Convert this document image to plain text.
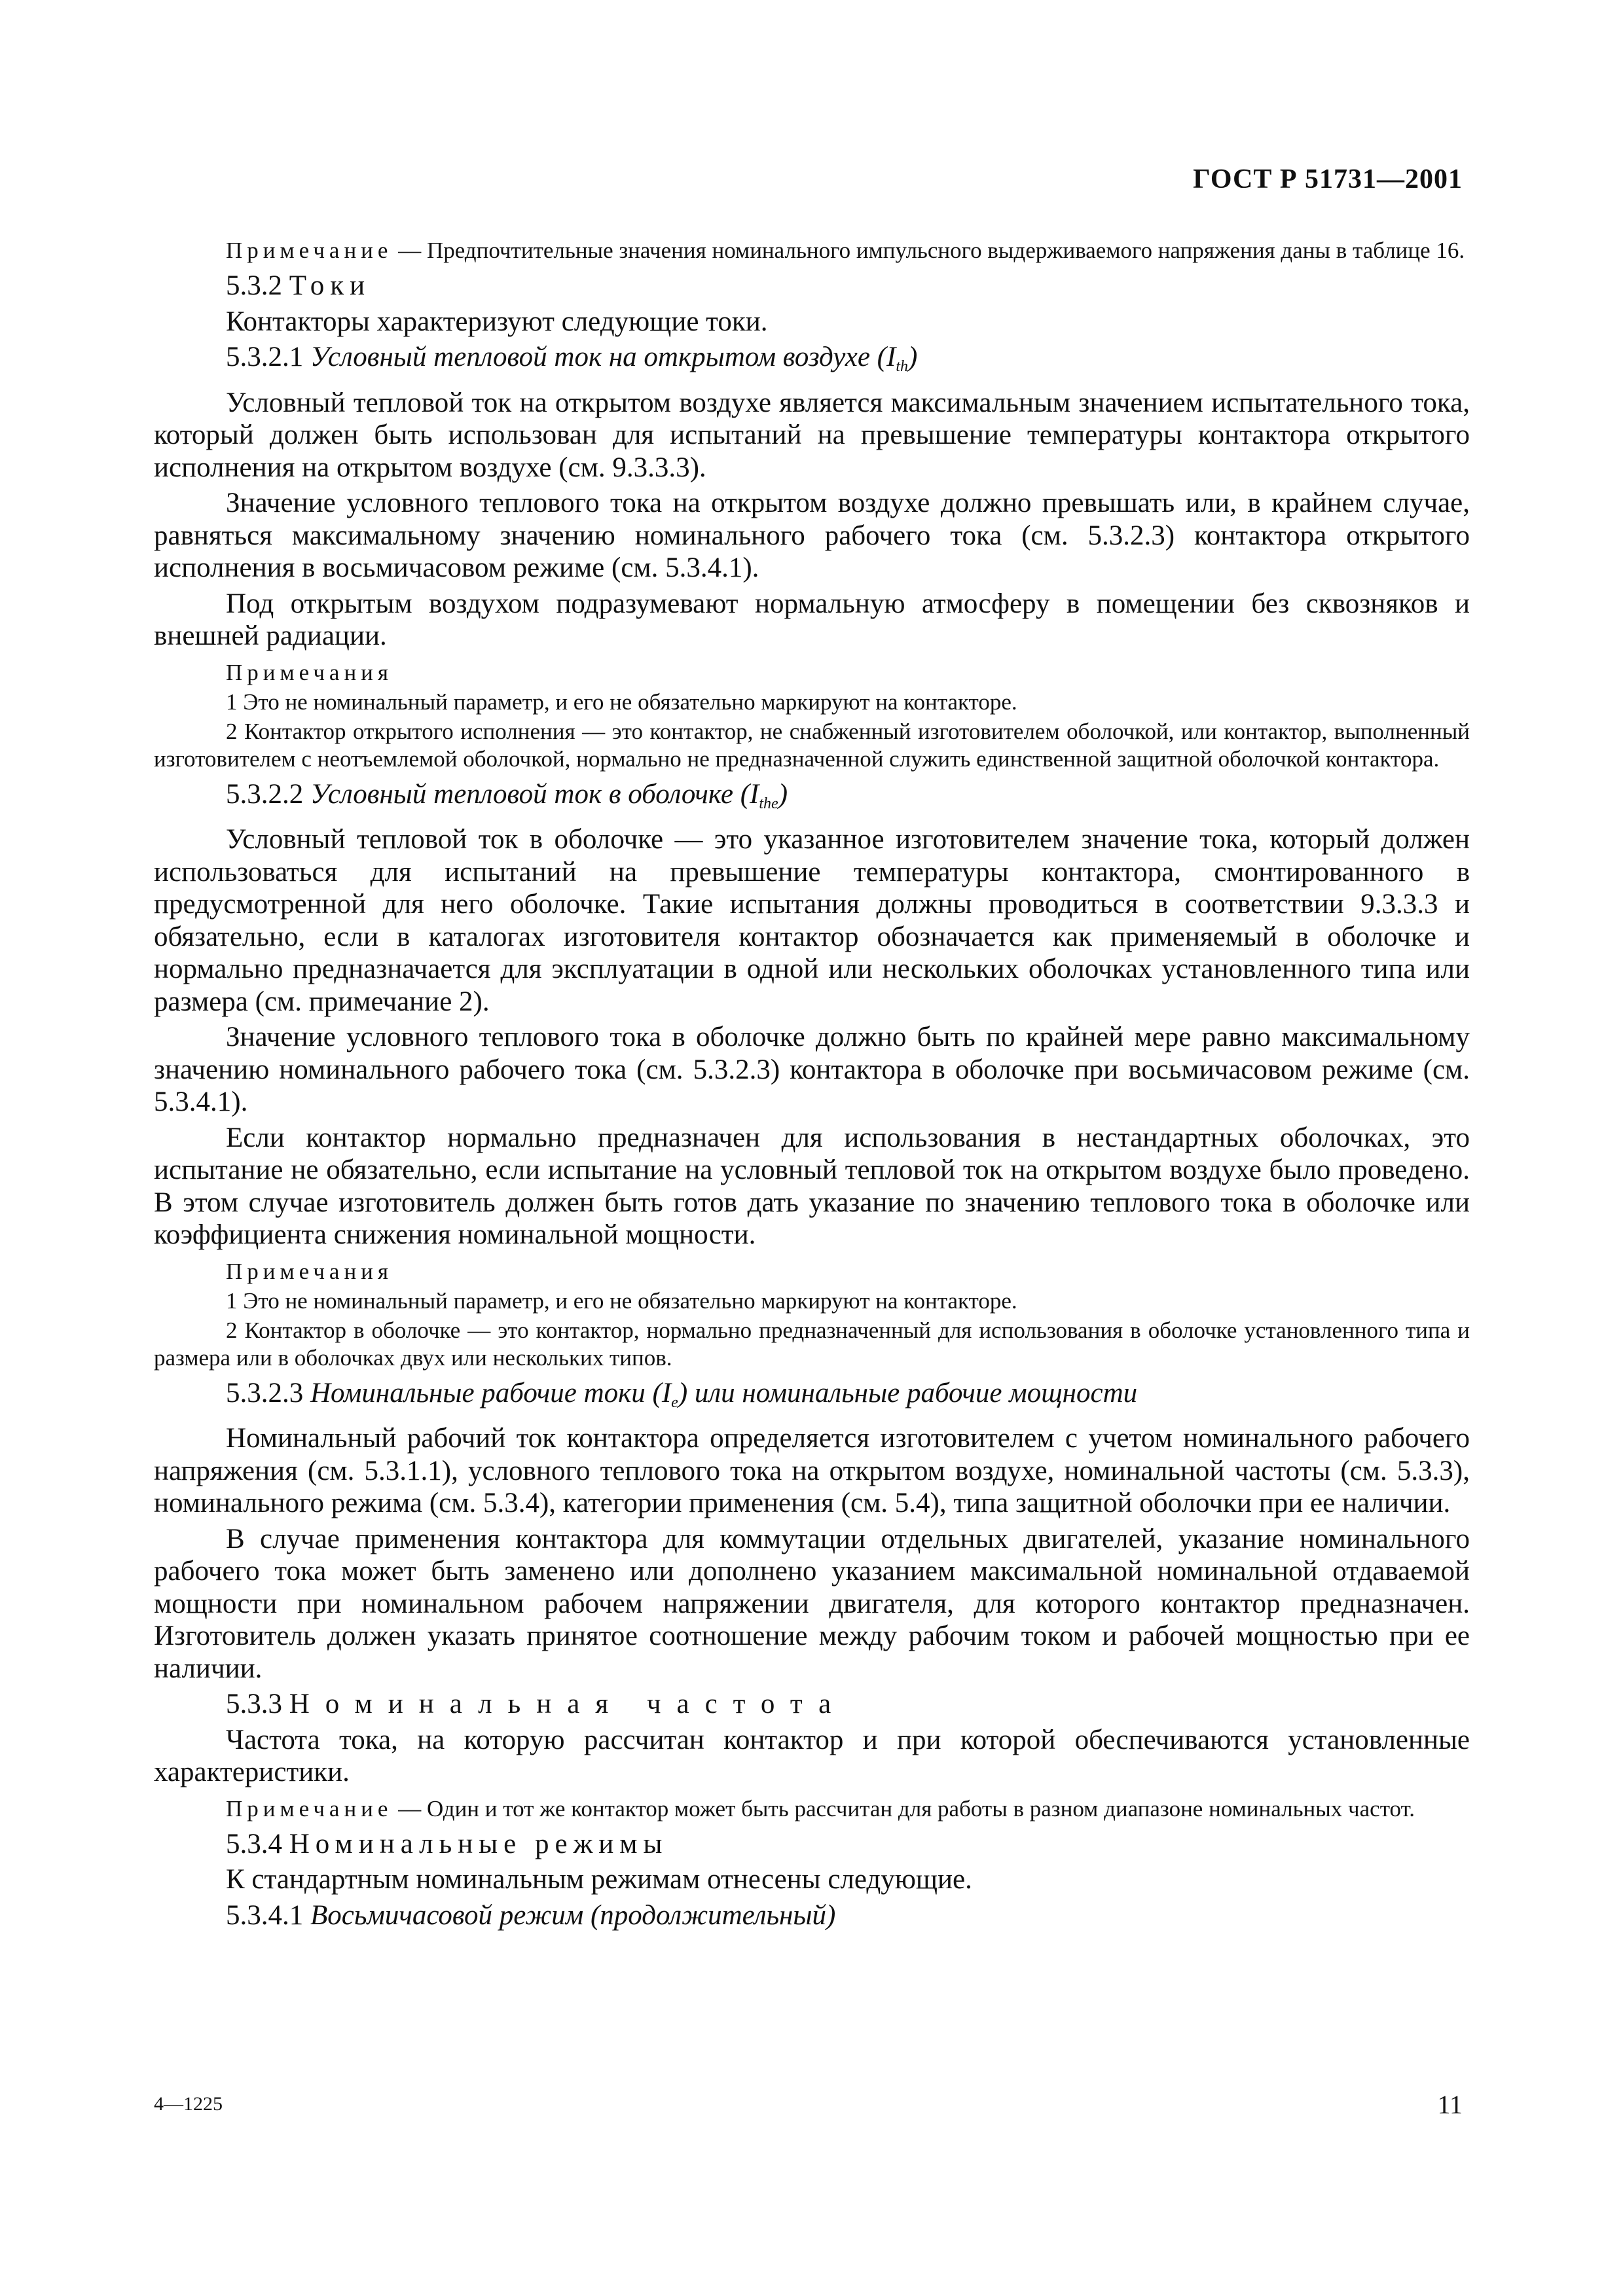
ГОСТ Р 51731—2001
Примечание — Предпочтительные значения номинального импульсного выдерживаемого напряжения даны в таблице 16.
5.3.2 Токи
Контакторы характеризуют следующие токи.
5.3.2.1 Условный тепловой ток на открытом воздухе $(I_{th})$
Условный тепловой ток на открытом воздухе является максимальным значением испытательного тока, который должен быть использован для испытаний на превышение температуры контактора открытого исполнения на открытом воздухе (см. 9.3.3.3).
Значение условного теплового тока на открытом воздухе должно превышать или, в крайнем случае, равняться максимальному значению номинального рабочего тока (см. 5.3.2.3) контактора открытого исполнения в восьмичасовом режиме (см. 5.3.4.1).
Под открытым воздухом подразумевают нормальную атмосферу в помещении без сквозняков и внешней радиации.
Примечания
1 Это не номинальный параметр, и его не обязательно маркируют на контакторе.
2 Контактор открытого исполнения — это контактор, не снабженный изготовителем оболочкой, или контактор, выполненный изготовителем с неотъемлемой оболочкой, нормально не предназначенной служить единственной защитной оболочкой контактора.
5.3.2.2 Условный тепловой ток в оболочке $(I_{the})$
Условный тепловой ток в оболочке — это указанное изготовителем значение тока, который должен использоваться для испытаний на превышение температуры контактора, смонтированного в предусмотренной для него оболочке. Такие испытания должны проводиться в соответствии 9.3.3.3 и обязательно, если в каталогах изготовителя контактор обозначается как применяемый в оболочке и нормально предназначается для эксплуатации в одной или нескольких оболочках установленного типа или размера (см. примечание 2).
Значение условного теплового тока в оболочке должно быть по крайней мере равно максимальному значению номинального рабочего тока (см. 5.3.2.3) контактора в оболочке при восьмичасовом режиме (см. 5.3.4.1).
Если контактор нормально предназначен для использования в нестандартных оболочках, это испытание не обязательно, если испытание на условный тепловой ток на открытом воздухе было проведено. В этом случае изготовитель должен быть готов дать указание по значению теплового тока в оболочке или коэффициента снижения номинальной мощности.
Примечания
1 Это не номинальный параметр, и его не обязательно маркируют на контакторе.
2 Контактор в оболочке — это контактор, нормально предназначенный для использования в оболочке установленного типа и размера или в оболочках двух или нескольких типов.
5.3.2.3 Номинальные рабочие токи $(I_e)$ или номинальные рабочие мощности
Номинальный рабочий ток контактора определяется изготовителем с учетом номинального рабочего напряжения (см. 5.3.1.1), условного теплового тока на открытом воздухе, номинальной частоты (см. 5.3.3), номинального режима (см. 5.3.4), категории применения (см. 5.4), типа защитной оболочки при ее наличии.
В случае применения контактора для коммутации отдельных двигателей, указание номинального рабочего тока может быть заменено или дополнено указанием максимальной номинальной отдаваемой мощности при номинальном рабочем напряжении двигателя, для которого контактор предназначен. Изготовитель должен указать принятое соотношение между рабочим током и рабочей мощностью при ее наличии.
5.3.3 Номинальная частота
Частота тока, на которую рассчитан контактор и при которой обеспечиваются установленные характеристики.
Примечание — Один и тот же контактор может быть рассчитан для работы в разном диапазоне номинальных частот.
5.3.4 Номинальные режимы
К стандартным номинальным режимам отнесены следующие.
5.3.4.1 Восьмичасовой режим (продолжительный)
4—1225	11
